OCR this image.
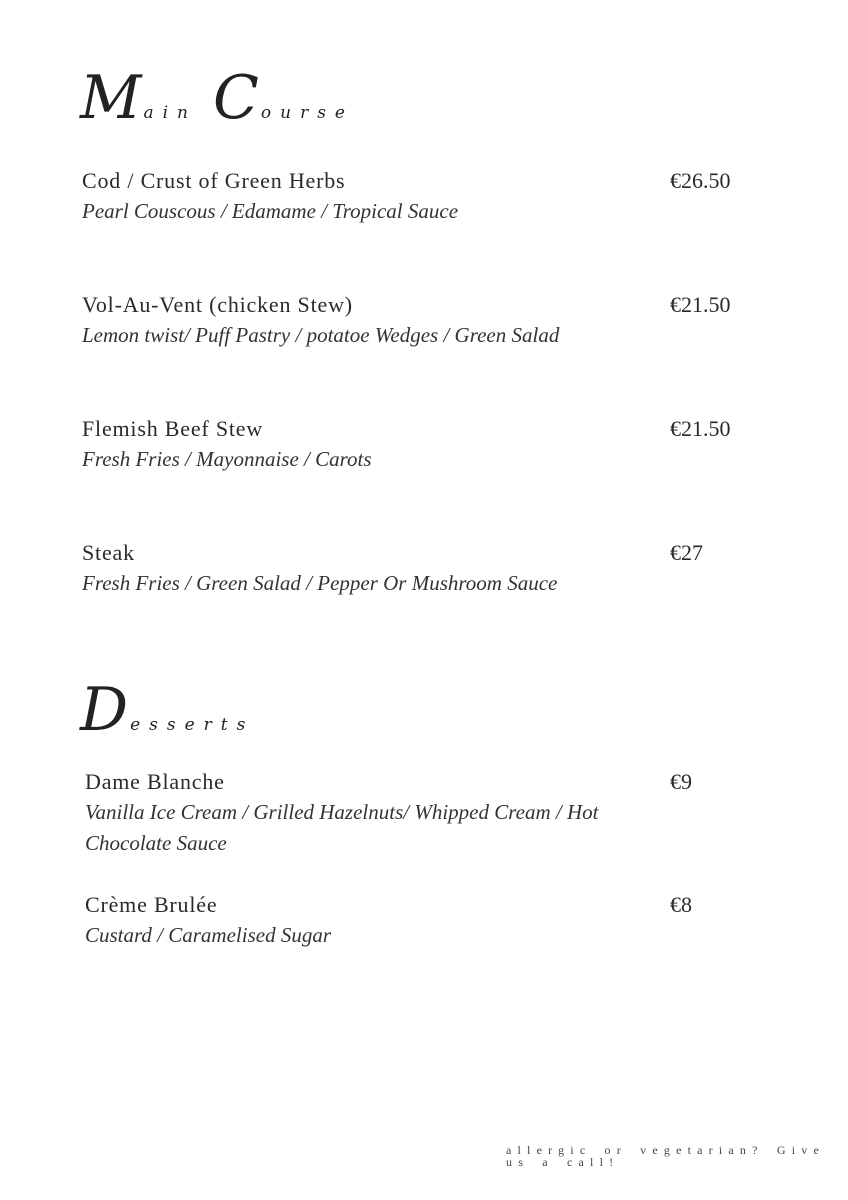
Main Course
Cod / Crust of Green Herbs
Pearl Couscous / Edamame / Tropical Sauce
€26.50
Vol-Au-Vent (chicken Stew)
Lemon twist/ Puff Pastry / potatoe Wedges / Green Salad
€21.50
Flemish Beef Stew
Fresh Fries / Mayonnaise / Carots
€21.50
Steak
Fresh Fries / Green Salad / Pepper Or Mushroom Sauce
€27
Desserts
Dame Blanche
Vanilla Ice Cream / Grilled Hazelnuts/ Whipped Cream / Hot Chocolate Sauce
€9
Crème Brulée
Custard / Caramelised Sugar
€8
allergic or vegetarian? Give us a call!
